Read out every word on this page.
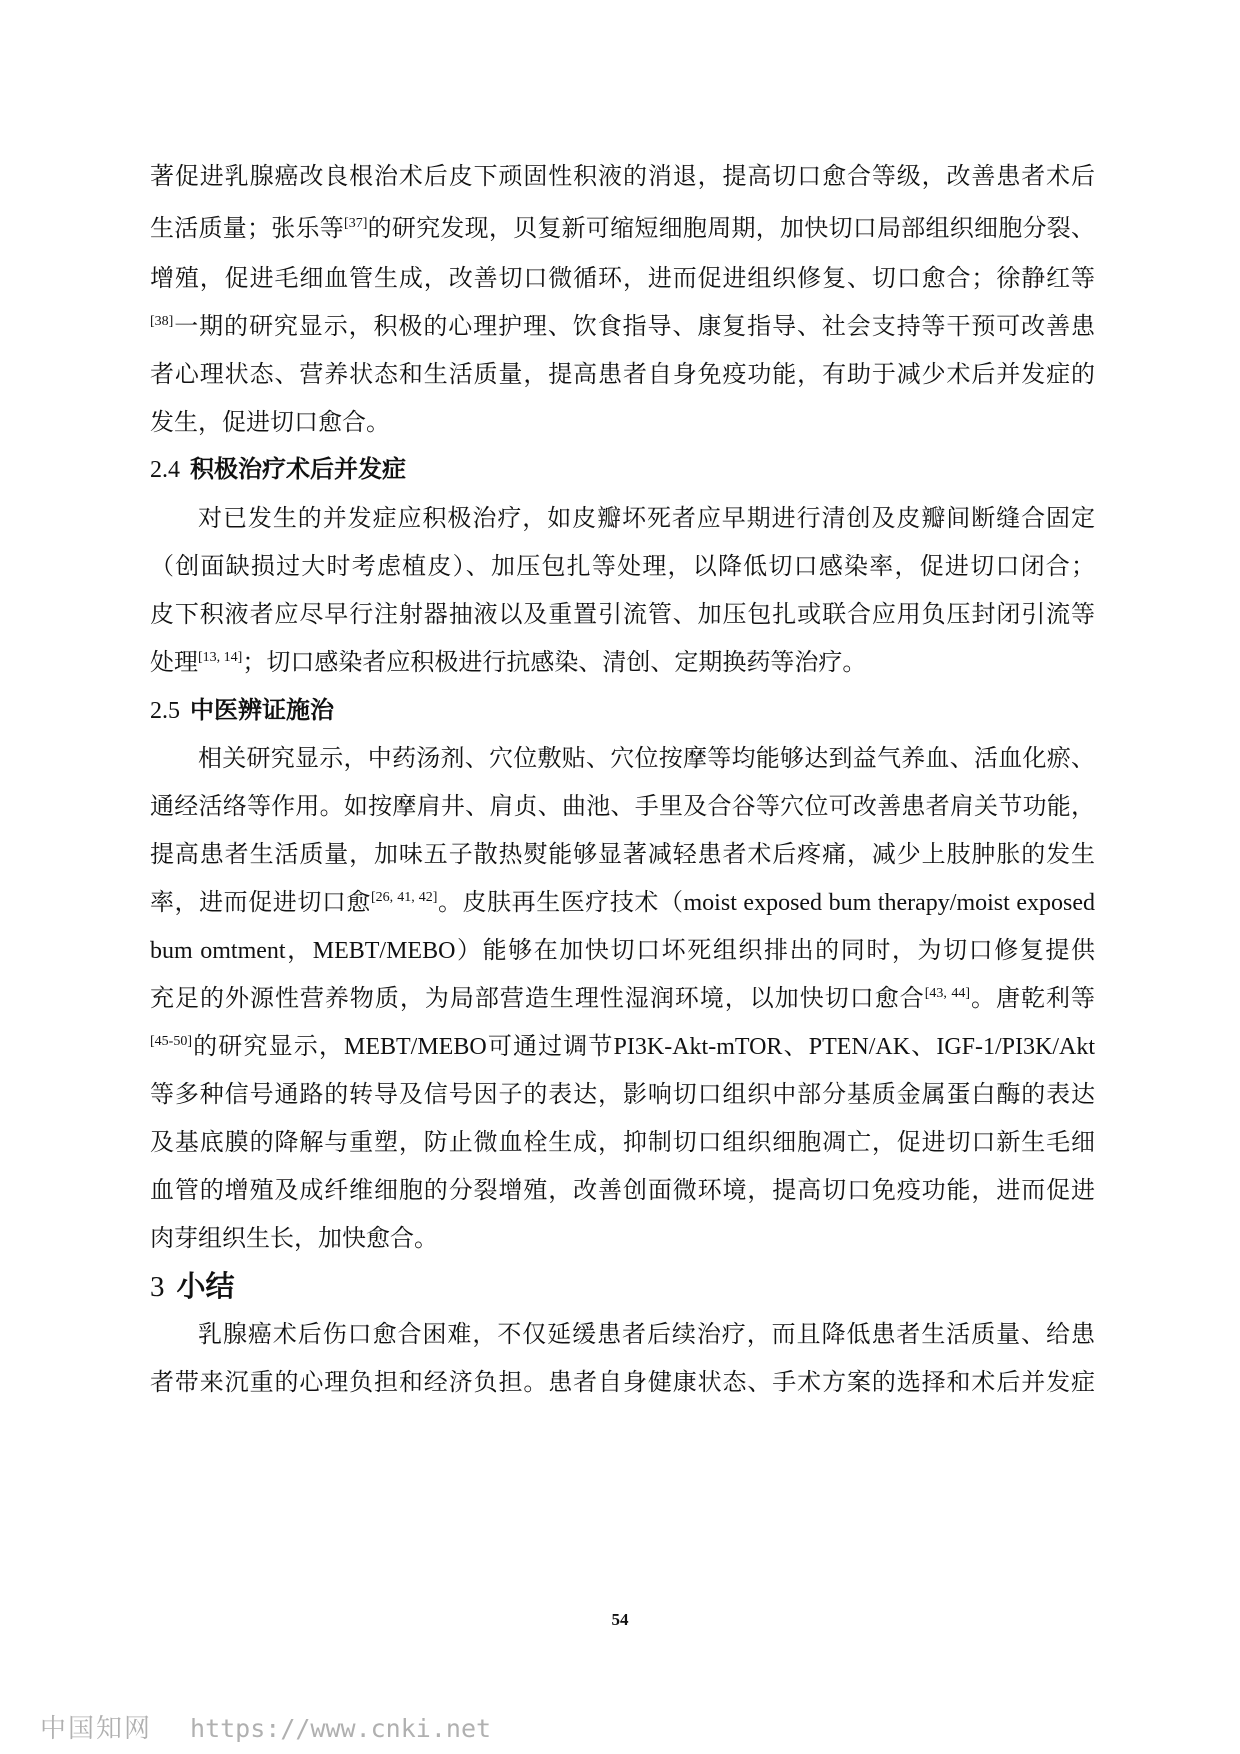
著促进乳腺癌改良根治术后皮下顽固性积液的消退，提高切口愈合等级，改善患者术后
生活质量；张乐等[37]的研究发现，贝复新可缩短细胞周期，加快切口局部组织细胞分裂、
增殖，促进毛细血管生成，改善切口微循环，进而促进组织修复、切口愈合；徐静红等
[38]一期的研究显示，积极的心理护理、饮食指导、康复指导、社会支持等干预可改善患
者心理状态、营养状态和生活质量，提高患者自身免疫功能，有助于减少术后并发症的
发生，促进切口愈合。
2.4 积极治疗术后并发症
对已发生的并发症应积极治疗，如皮瓣坏死者应早期进行清创及皮瓣间断缝合固定
（创面缺损过大时考虑植皮）、加压包扎等处理，以降低切口感染率，促进切口闭合；
皮下积液者应尽早行注射器抽液以及重置引流管、加压包扎或联合应用负压封闭引流等
处理[13, 14]；切口感染者应积极进行抗感染、清创、定期换药等治疗。
2.5 中医辨证施治
相关研究显示，中药汤剂、穴位敷贴、穴位按摩等均能够达到益气养血、活血化瘀、
通经活络等作用。如按摩肩井、肩贞、曲池、手里及合谷等穴位可改善患者肩关节功能，
提高患者生活质量，加味五子散热熨能够显著减轻患者术后疼痛，减少上肢肿胀的发生
率，进而促进切口愈[26, 41, 42]。皮肤再生医疗技术（moist exposed bum therapy/moist exposed
bum omtment，MEBT/MEBO）能够在加快切口坏死组织排出的同时，为切口修复提供
充足的外源性营养物质，为局部营造生理性湿润环境，以加快切口愈合[43, 44]。唐乾利等
[45-50]的研究显示，MEBT/MEBO可通过调节PI3K-Akt-mTOR、PTEN/AK、IGF-1/PI3K/Akt
等多种信号通路的转导及信号因子的表达，影响切口组织中部分基质金属蛋白酶的表达
及基底膜的降解与重塑，防止微血栓生成，抑制切口组织细胞凋亡，促进切口新生毛细
血管的增殖及成纤维细胞的分裂增殖，改善创面微环境，提高切口免疫功能，进而促进
肉芽组织生长，加快愈合。
3 小结
乳腺癌术后伤口愈合困难，不仅延缓患者后续治疗，而且降低患者生活质量、给患
者带来沉重的心理负担和经济负担。患者自身健康状态、手术方案的选择和术后并发症
54
中国知网 https://www.cnki.net
